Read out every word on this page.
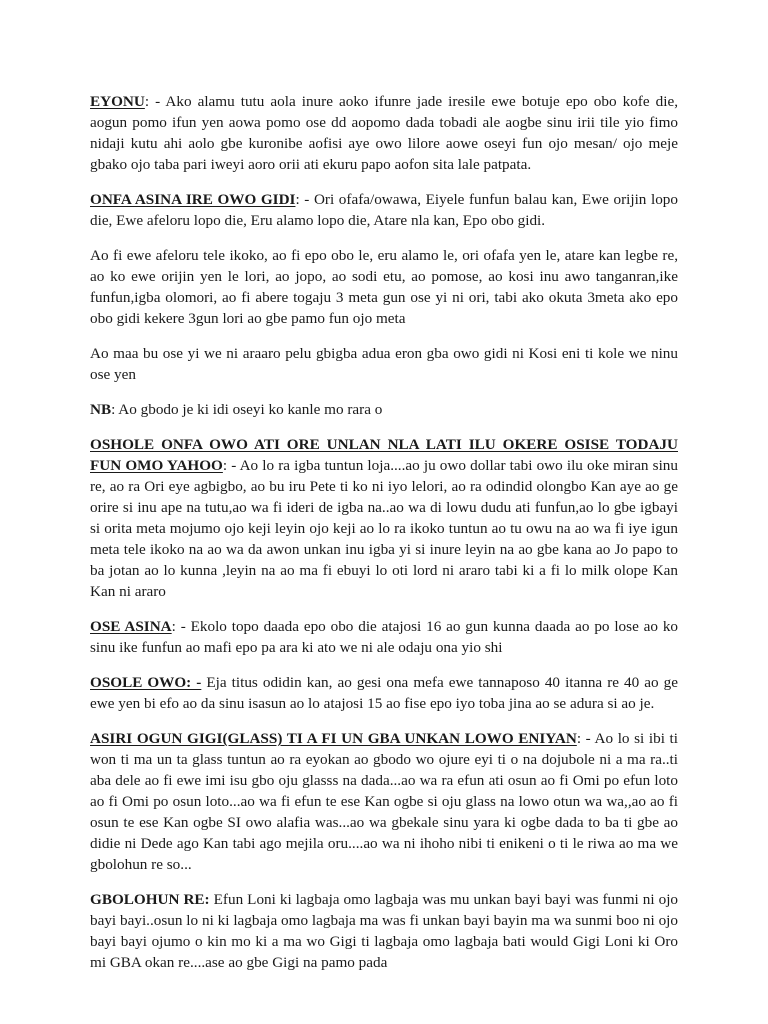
EYONU: - Ako alamu tutu aola inure aoko ifunre jade iresile ewe botuje epo obo kofe die, aogun pomo ifun yen aowa pomo ose dd aopomo dada tobadi ale aogbe sinu irii tile yio fimo nidaji kutu ahi aolo gbe kuronibe aofisi aye owo lilore aowe oseyi fun ojo mesan/ ojo meje gbako ojo taba pari iweyi aoro orii ati ekuru papo aofon sita lale patpata.

ONFA ASINA IRE OWO GIDI: - Ori ofafa/owawa, Eiyele funfun balau kan, Ewe orijin lopo die, Ewe afeloru lopo die, Eru alamo lopo die, Atare nla kan, Epo obo gidi.

Ao fi ewe afeloru tele ikoko, ao fi epo obo le, eru alamo le, ori ofafa yen le, atare kan legbe re, ao ko ewe orijin yen le lori, ao jopo, ao sodi etu, ao pomose, ao kosi inu awo tanganran,ike funfun,igba olomori, ao fi abere togaju 3 meta gun ose yi ni ori, tabi ako okuta 3meta ako epo obo gidi kekere 3gun lori ao gbe pamo fun ojo meta

Ao maa bu ose yi we ni araaro pelu gbigba adua eron gba owo gidi ni Kosi eni ti kole we ninu ose yen

NB: Ao gbodo je ki idi oseyi ko kanle mo rara o

OSHOLE ONFA OWO ATI ORE UNLAN NLA LATI ILU OKERE OSISE TODAJU FUN OMO YAHOO: - Ao lo ra igba tuntun loja....ao ju owo dollar tabi owo ilu oke miran sinu re, ao ra Ori eye agbigbo, ao bu iru Pete ti ko ni iyo lelori, ao ra odindid olongbo Kan aye ao ge orire si inu ape na tutu,ao wa fi ideri de igba na..ao wa di lowu dudu ati funfun,ao lo gbe igbayi si orita meta mojumo ojo keji leyin ojo keji ao lo ra ikoko tuntun ao tu owu na ao wa fi iye igun meta tele ikoko na ao wa da awon unkan inu igba yi si inure leyin na ao gbe kana ao Jo papo to ba jotan ao lo kunna ,leyin na ao ma fi ebuyi lo oti lord ni araro tabi ki a fi lo milk olope Kan Kan ni araro

OSE ASINA: - Ekolo topo daada epo obo die atajosi 16 ao gun kunna daada ao po lose ao ko sinu ike funfun ao mafi epo pa ara ki ato we ni ale odaju ona yio shi

OSOLE OWO: - Eja titus odidin kan, ao gesi ona mefa ewe tannaposo 40 itanna re 40 ao ge ewe yen bi efo ao da sinu isasun ao lo atajosi 15 ao fise epo iyo toba jina ao se adura si ao je.

ASIRI OGUN GIGI(GLASS) TI A FI UN GBA UNKAN LOWO ENIYAN: - Ao lo si ibi ti won ti ma un ta glass tuntun ao ra eyokan ao gbodo wo ojure eyi ti o na dojubole ni a ma ra..ti aba dele ao fi ewe imi isu gbo oju glasss na dada...ao wa ra efun ati osun ao fi Omi po efun loto ao fi Omi po osun loto...ao wa fi efun te ese Kan ogbe si oju glass na lowo otun wa wa,,ao ao fi osun te ese Kan ogbe SI owo alafia was...ao wa gbekale sinu yara ki ogbe dada to ba ti gbe ao didie ni Dede ago Kan tabi ago mejila oru....ao wa ni ihoho nibi ti enikeni o ti le riwa ao ma we gbolohun re so...

GBOLOHUN RE: Efun Loni ki lagbaja omo lagbaja was mu unkan bayi bayi was funmi ni ojo bayi bayi..osun lo ni ki lagbaja omo lagbaja ma was fi unkan bayi bayin ma wa sunmi boo ni ojo bayi bayi ojumo o kin mo ki a ma wo Gigi ti lagbaja omo lagbaja bati would Gigi Loni ki Oro mi GBA okan re....ase ao gbe Gigi na pamo pada
